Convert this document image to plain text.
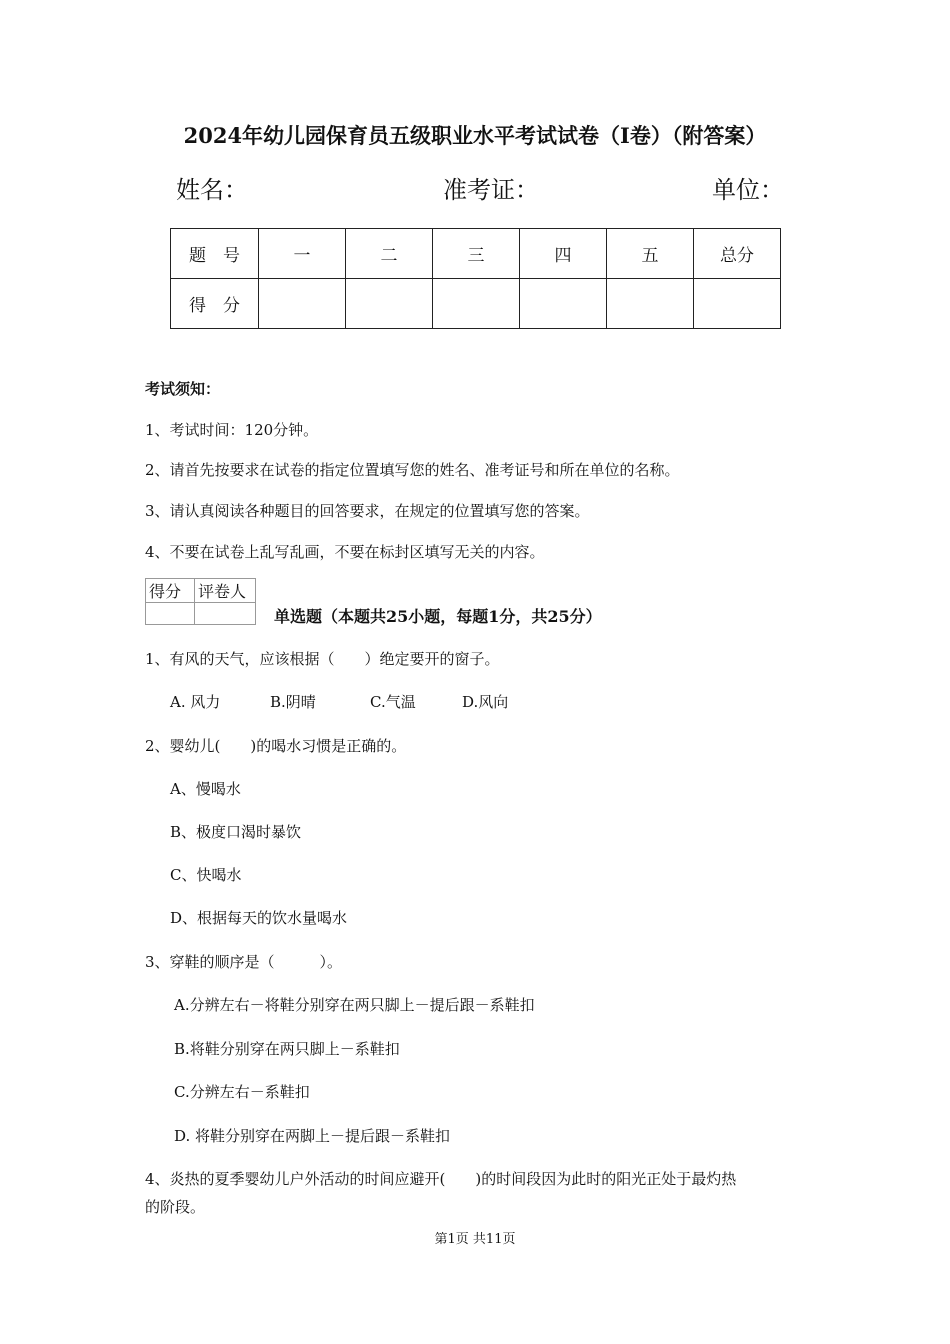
2024年幼儿园保育员五级职业水平考试试卷（I卷）（附答案）
姓名：	准考证：	单位：
题　号	一	二	三	四	五	总分
得　分						
考试须知：
1、考试时间：120分钟。
2、请首先按要求在试卷的指定位置填写您的姓名、准考证号和所在单位的名称。
3、请认真阅读各种题目的回答要求，在规定的位置填写您的答案。
4、不要在试卷上乱写乱画，不要在标封区填写无关的内容。
得分	评卷人

单选题（本题共25小题，每题1分，共25分）
1、有风的天气，应该根据（　　）绝定要开的窗子。
A. 风力	B.阴晴	C.气温	D.风向
2、婴幼儿(　　)的喝水习惯是正确的。
A、慢喝水
B、极度口渴时暴饮
C、快喝水
D、根据每天的饮水量喝水
3、穿鞋的顺序是（　　　）。
A.分辨左右－将鞋分别穿在两只脚上－提后跟－系鞋扣
B.将鞋分别穿在两只脚上－系鞋扣
C.分辨左右－系鞋扣
D. 将鞋分别穿在两脚上－提后跟－系鞋扣
4、炎热的夏季婴幼儿户外活动的时间应避开(　　)的时间段因为此时的阳光正处于最灼热
的阶段。
第1页 共11页
